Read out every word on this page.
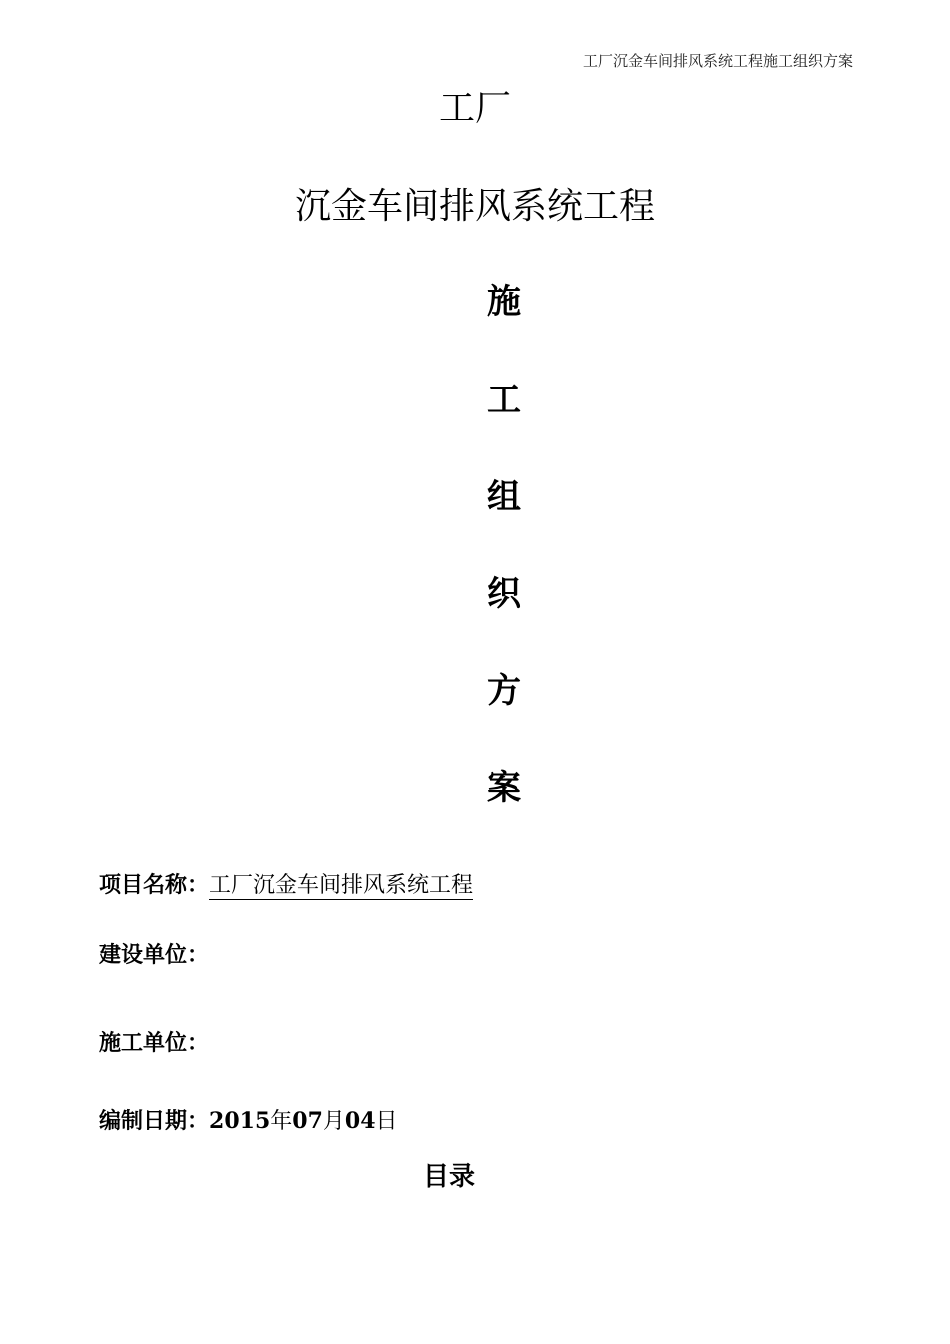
工厂沉金车间排风系统工程施工组织方案
工厂
沉金车间排风系统工程
施
工
组
织
方
案
项目名称：工厂沉金车间排风系统工程
建设单位：
施工单位：
编制日期：2015年07月04日
目录
